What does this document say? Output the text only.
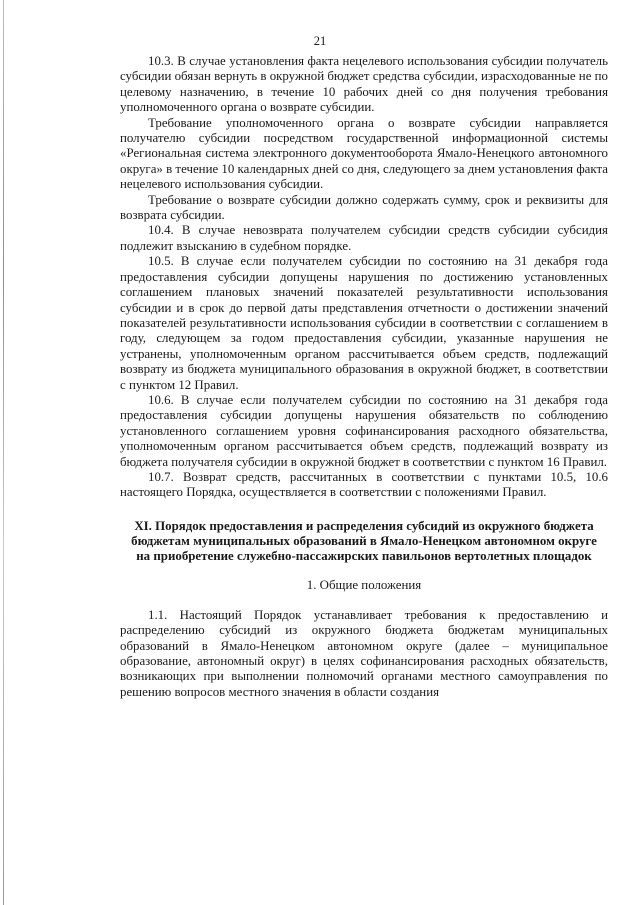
21

10.3. В случае установления факта нецелевого использования субсидии получатель субсидии обязан вернуть в окружной бюджет средства субсидии, израсходованные не по целевому назначению, в течение 10 рабочих дней со дня получения требования уполномоченного органа о возврате субсидии.

Требование уполномоченного органа о возврате субсидии направляется получателю субсидии посредством государственной информационной системы «Региональная система электронного документооборота Ямало-Ненецкого автономного округа» в течение 10 календарных дней со дня, следующего за днем установления факта нецелевого использования субсидии.

Требование о возврате субсидии должно содержать сумму, срок и реквизиты для возврата субсидии.

10.4. В случае невозврата получателем субсидии средств субсидии субсидия подлежит взысканию в судебном порядке.

10.5. В случае если получателем субсидии по состоянию на 31 декабря года предоставления субсидии допущены нарушения по достижению установленных соглашением плановых значений показателей результативности использования субсидии и в срок до первой даты представления отчетности о достижении значений показателей результативности использования субсидии в соответствии с соглашением в году, следующем за годом предоставления субсидии, указанные нарушения не устранены, уполномоченным органом рассчитывается объем средств, подлежащий возврату из бюджета муниципального образования в окружной бюджет, в соответствии с пунктом 12 Правил.

10.6. В случае если получателем субсидии по состоянию на 31 декабря года предоставления субсидии допущены нарушения обязательств по соблюдению установленного соглашением уровня софинансирования расходного обязательства, уполномоченным органом рассчитывается объем средств, подлежащий возврату из бюджета получателя субсидии в окружной бюджет в соответствии с пунктом 16 Правил.

10.7. Возврат средств, рассчитанных в соответствии с пунктами 10.5, 10.6 настоящего Порядка, осуществляется в соответствии с положениями Правил.

XI. Порядок предоставления и распределения субсидий из окружного бюджета бюджетам муниципальных образований в Ямало-Ненецком автономном округе на приобретение служебно-пассажирских павильонов вертолетных площадок
1. Общие положения

1.1. Настоящий Порядок устанавливает требования к предоставлению и распределению субсидий из окружного бюджета бюджетам муниципальных образований в Ямало-Ненецком автономном округе (далее – муниципальное образование, автономный округ) в целях софинансирования расходных обязательств, возникающих при выполнении полномочий органами местного самоуправления по решению вопросов местного значения в области создания
